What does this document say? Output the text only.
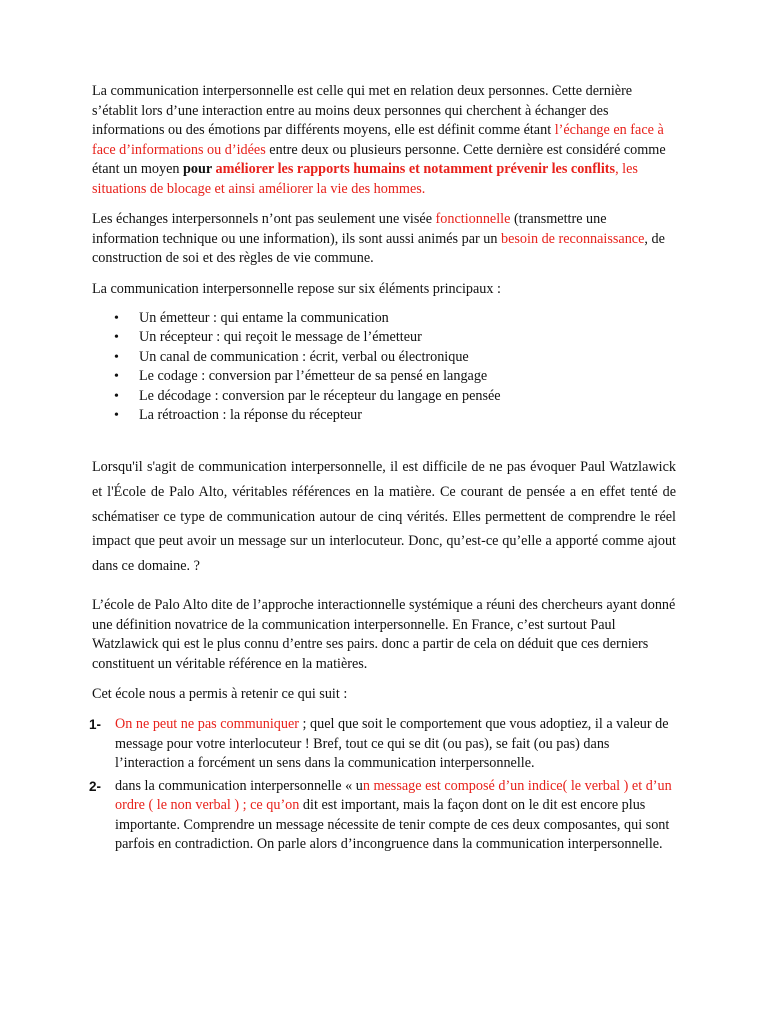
La communication interpersonnelle est celle qui met en relation deux personnes. Cette dernière s’établit lors d’une interaction entre au moins deux personnes qui cherchent à échanger des informations ou des émotions par différents moyens, elle est définit comme étant l’échange en face à face d’informations ou d’idées entre deux ou plusieurs personne. Cette dernière est considéré comme étant un moyen pour améliorer les rapports humains et notamment prévenir les conflits, les situations de blocage et ainsi améliorer la vie des hommes.

Les échanges interpersonnels n’ont pas seulement une visée fonctionnelle (transmettre une information technique ou une information), ils sont aussi animés par un besoin de reconnaissance, de construction de soi et des règles de vie commune.

La communication interpersonnelle repose sur six éléments principaux :

• Un émetteur : qui entame la communication
• Un récepteur : qui reçoit le message de l’émetteur
• Un canal de communication : écrit, verbal ou électronique
• Le codage : conversion par l’émetteur de sa pensé en langage
• Le décodage : conversion par le récepteur du langage en pensée
• La rétroaction : la réponse du récepteur

Lorsqu'il s'agit de communication interpersonnelle, il est difficile de ne pas évoquer Paul Watzlawick et l'École de Palo Alto, véritables références en la matière. Ce courant de pensée a en effet tenté de schématiser ce type de communication autour de cinq vérités. Elles permettent de comprendre le réel impact que peut avoir un message sur un interlocuteur. Donc, qu’est-ce qu’elle a apporté comme ajout dans ce domaine. ?

L’école de Palo Alto dite de l’approche interactionnelle systémique a réuni des chercheurs ayant donné une définition novatrice de la communication interpersonnelle. En France, c’est surtout Paul Watzlawick qui est le plus connu d’entre ses pairs. donc a partir de cela on déduit que ces derniers constituent un véritable référence en la matières.

Cet école nous a permis à retenir ce qui suit :

1- On ne peut ne pas communiquer ; quel que soit le comportement que vous adoptiez, il a valeur de message pour votre interlocuteur ! Bref, tout ce qui se dit (ou pas), se fait (ou pas) dans l’interaction a forcément un sens dans la communication interpersonnelle.
2- dans la communication interpersonnelle « un message est composé d’un indice( le verbal ) et d’un ordre ( le non verbal ) ; ce qu’on dit est important, mais la façon dont on le dit est encore plus importante. Comprendre un message nécessite de tenir compte de ces deux composantes, qui sont parfois en contradiction. On parle alors d’incongruence dans la communication interpersonnelle.
